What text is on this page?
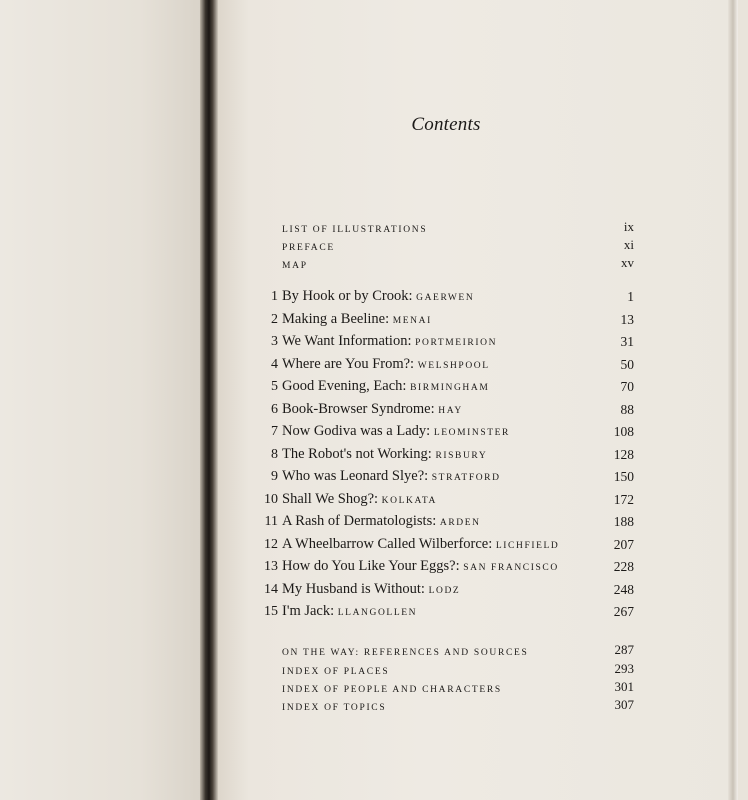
Contents
LIST OF ILLUSTRATIONS	ix
PREFACE	xi
MAP	xv
1 By Hook or by Crook: GAERWEN	1
2 Making a Beeline: MENAI	13
3 We Want Information: PORTMEIRION	31
4 Where are You From?: WELSHPOOL	50
5 Good Evening, Each: BIRMINGHAM	70
6 Book-Browser Syndrome: HAY	88
7 Now Godiva was a Lady: LEOMINSTER	108
8 The Robot's not Working: RISBURY	128
9 Who was Leonard Slye?: STRATFORD	150
10 Shall We Shog?: KOLKATA	172
11 A Rash of Dermatologists: ARDEN	188
12 A Wheelbarrow Called Wilberforce: LICHFIELD	207
13 How do You Like Your Eggs?: SAN FRANCISCO	228
14 My Husband is Without: LODZ	248
15 I'm Jack: LLANGOLLEN	267
ON THE WAY: REFERENCES AND SOURCES	287
INDEX OF PLACES	293
INDEX OF PEOPLE AND CHARACTERS	301
INDEX OF TOPICS	307
